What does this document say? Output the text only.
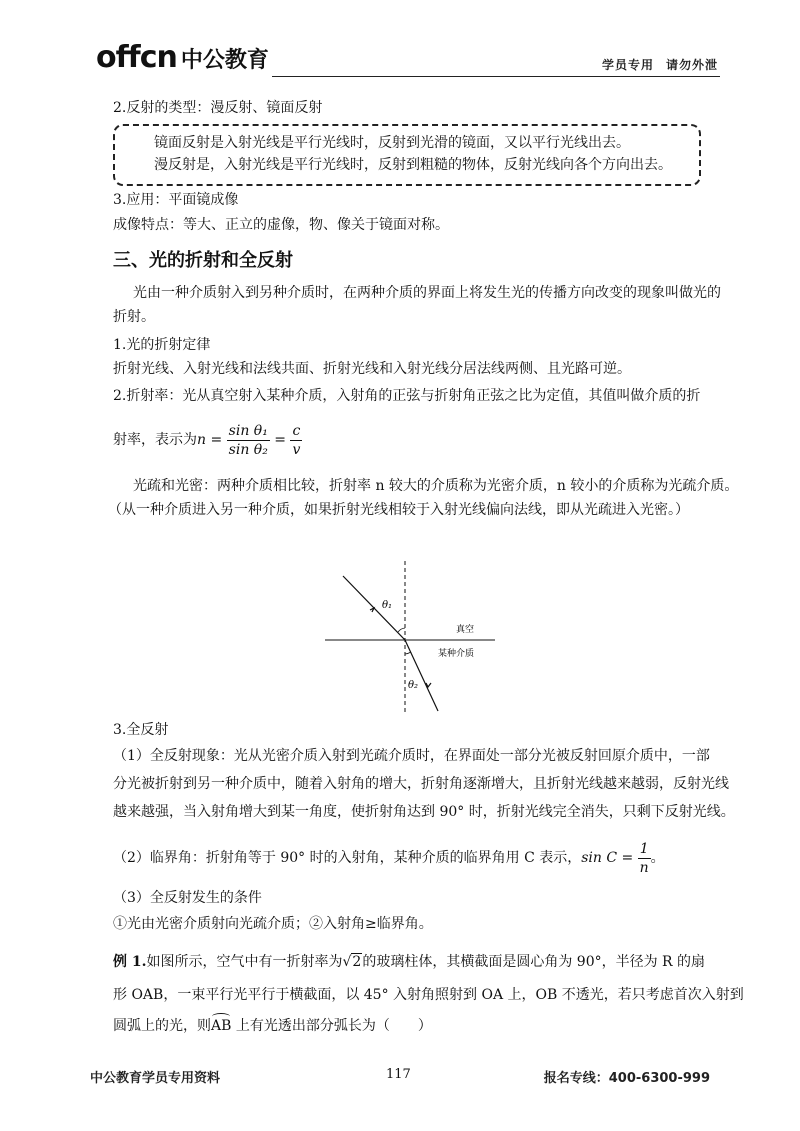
offcn 中公教育	学员专用 请勿外泄
2.反射的类型：漫反射、镜面反射
镜面反射是入射光线是平行光线时，反射到光滑的镜面，又以平行光线出去。
漫反射是，入射光线是平行光线时，反射到粗糙的物体，反射光线向各个方向出去。
3.应用：平面镜成像
成像特点：等大、正立的虚像，物、像关于镜面对称。
三、光的折射和全反射
光由一种介质射入到另种介质时，在两种介质的界面上将发生光的传播方向改变的现象叫做光的
折射。
1.光的折射定律
折射光线、入射光线和法线共面、折射光线和入射光线分居法线两侧、且光路可逆。
2.折射率：光从真空射入某种介质，入射角的正弦与折射角正弦之比为定值，其值叫做介质的折
射率，表示为$n = \frac{\text{sin θ₁}}{\text{sin θ₂}} = \frac{c}{v}$
光疏和光密：两种介质相比较，折射率 n 较大的介质称为光密介质，n 较小的介质称为光疏介质。
（从一种介质进入另一种介质，如果折射光线相较于入射光线偏向法线，即从光疏进入光密。）
θ₁
θ₂
真空
某种介质
3.全反射
（1）全反射现象：光从光密介质入射到光疏介质时，在界面处一部分光被反射回原介质中，一部
分光被折射到另一种介质中，随着入射角的增大，折射角逐渐增大，且折射光线越来越弱，反射光线
越来越强，当入射角增大到某一角度，使折射角达到 90° 时，折射光线完全消失，只剩下反射光线。
（2）临界角：折射角等于 90° 时的入射角，某种介质的临界角用 C 表示，$\sin C = \frac{1}{n}$ 。
（3）全反射发生的条件
①光由光密介质射向光疏介质；②入射角≥临界角。
例 1.如图所示，空气中有一折射率为√2的玻璃柱体，其横截面是圆心角为 90°，半径为 R 的扇
形 OAB，一束平行光平行于横截面，以 45° 入射角照射到 OA 上，OB 不透光，若只考虑首次入射到
圆弧上的光，则AB 上有光透出部分弧长为（　　）
中公教育学员专用资料	117	报名专线：400-6300-999
